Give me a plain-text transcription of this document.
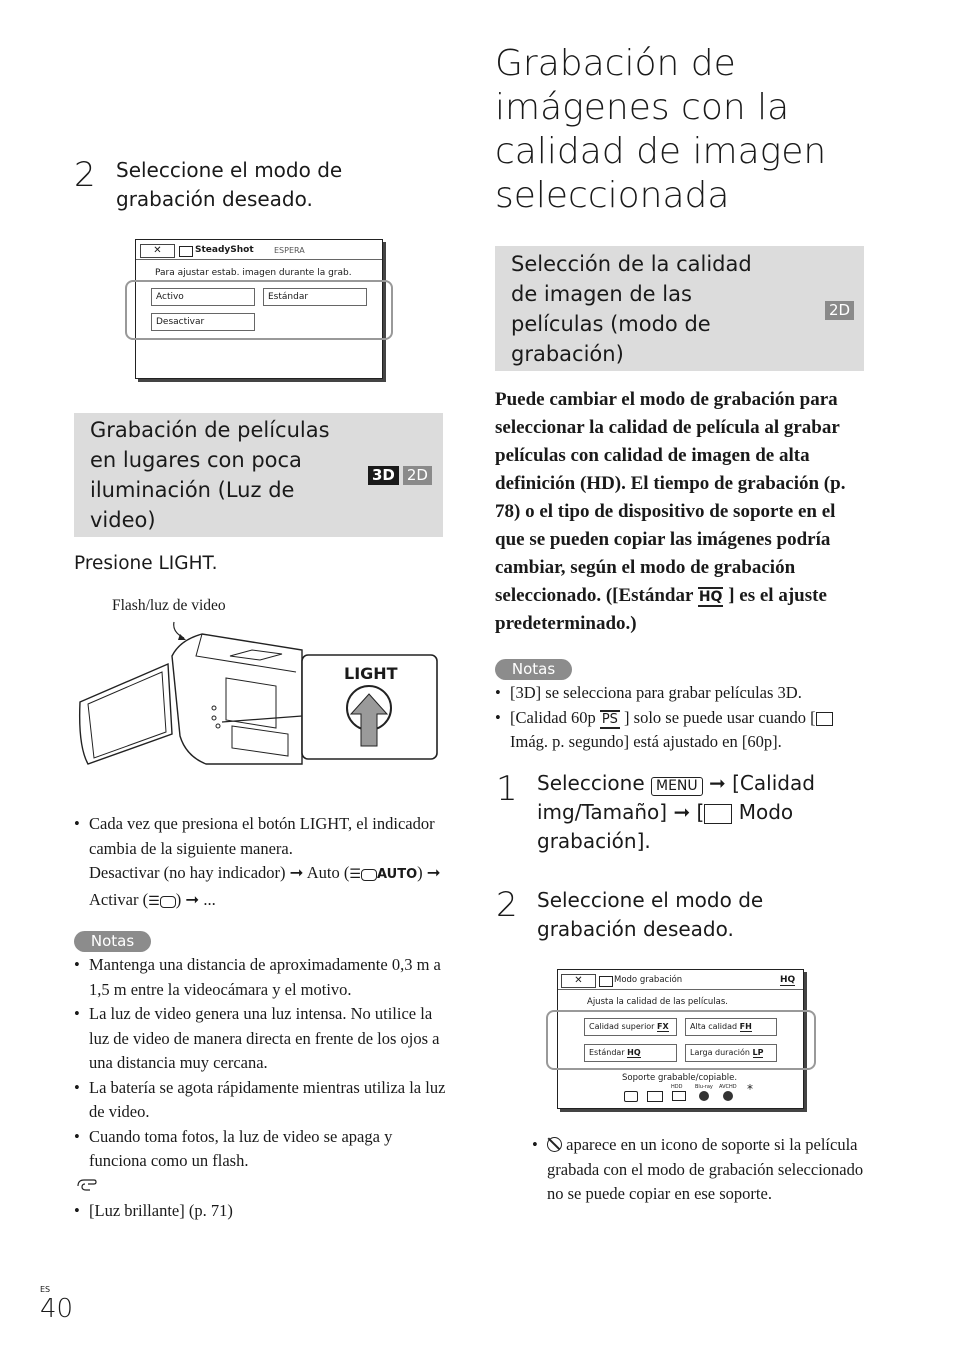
2 Seleccione el modo de grabación deseado.
✕	SteadyShot	ESPERA
Para ajustar estab. imagen durante la grab.
Activo	Estándar
Desactivar
Grabación de películas en lugares con poca iluminación (Luz de video)
3D 2D
Presione LIGHT.
Flash/luz de video
LIGHT
• Cada vez que presiona el botón LIGHT, el indicador cambia de la siguiente manera.
Desactivar (no hay indicador) ➞ Auto (☰ AUTO) ➞ Activar (☰ ) ➞ ...
Notas
• Mantenga una distancia de aproximadamente 0,3 m a 1,5 m entre la videocámara y el motivo.
• La luz de video genera una luz intensa. No utilice la luz de video de manera directa en frente de los ojos a una distancia muy cercana.
• La batería se agota rápidamente mientras utiliza la luz de video.
• Cuando toma fotos, la luz de video se apaga y funciona como un flash.
• [Luz brillante] (p. 71)
Grabación de imágenes con la calidad de imagen seleccionada
Selección de la calidad de imagen de las películas (modo de grabación)
2D
Puede cambiar el modo de grabación para seleccionar la calidad de película al grabar películas con calidad de imagen de alta definición (HD). El tiempo de grabación (p. 78) o el tipo de dispositivo de soporte en el que se pueden copiar las imágenes podría cambiar, según el modo de grabación seleccionado. ([Estándar HQ ] es el ajuste predeterminado.)
Notas
• [3D] se selecciona para grabar películas 3D.
• [Calidad 60p PS ] solo se puede usar cuando [Imág. p. segundo] está ajustado en [60p].
1 Seleccione MENU ➞ [Calidad img/Tamaño] ➞ [ Modo grabación].
2 Seleccione el modo de grabación deseado.
✕	Modo grabación	HQ
Ajusta la calidad de las películas.
Calidad superior FX	Alta calidad FH
Estándar HQ	Larga duración LP
Soporte grabable/copiable.
HDD	Blu-ray AVCHD *
• aparece en un icono de soporte si la película grabada con el modo de grabación seleccionado no se puede copiar en ese soporte.
ES
40
